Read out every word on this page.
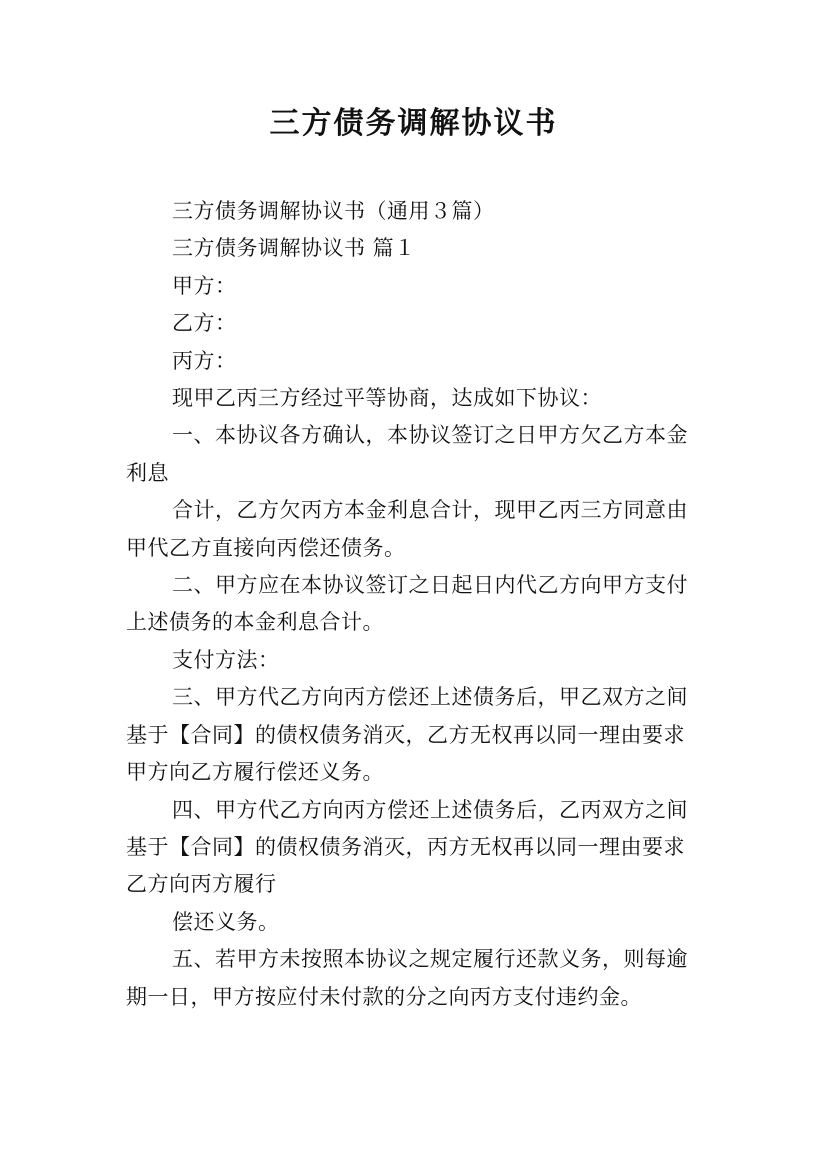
三方债务调解协议书

三方债务调解协议书（通用３篇）

三方债务调解协议书 篇１

甲方：

乙方：

丙方：

现甲乙丙三方经过平等协商，达成如下协议：

一、本协议各方确认，本协议签订之日甲方欠乙方本金利息

合计，乙方欠丙方本金利息合计，现甲乙丙三方同意由甲代乙方直接向丙偿还债务。

二、甲方应在本协议签订之日起日内代乙方向甲方支付上述债务的本金利息合计。

支付方法：

三、甲方代乙方向丙方偿还上述债务后，甲乙双方之间基于【合同】的债权债务消灭，乙方无权再以同一理由要求甲方向乙方履行偿还义务。

四、甲方代乙方向丙方偿还上述债务后，乙丙双方之间基于【合同】的债权债务消灭，丙方无权再以同一理由要求乙方向丙方履行

偿还义务。

五、若甲方未按照本协议之规定履行还款义务，则每逾期一日，甲方按应付未付款的分之向丙方支付违约金。
